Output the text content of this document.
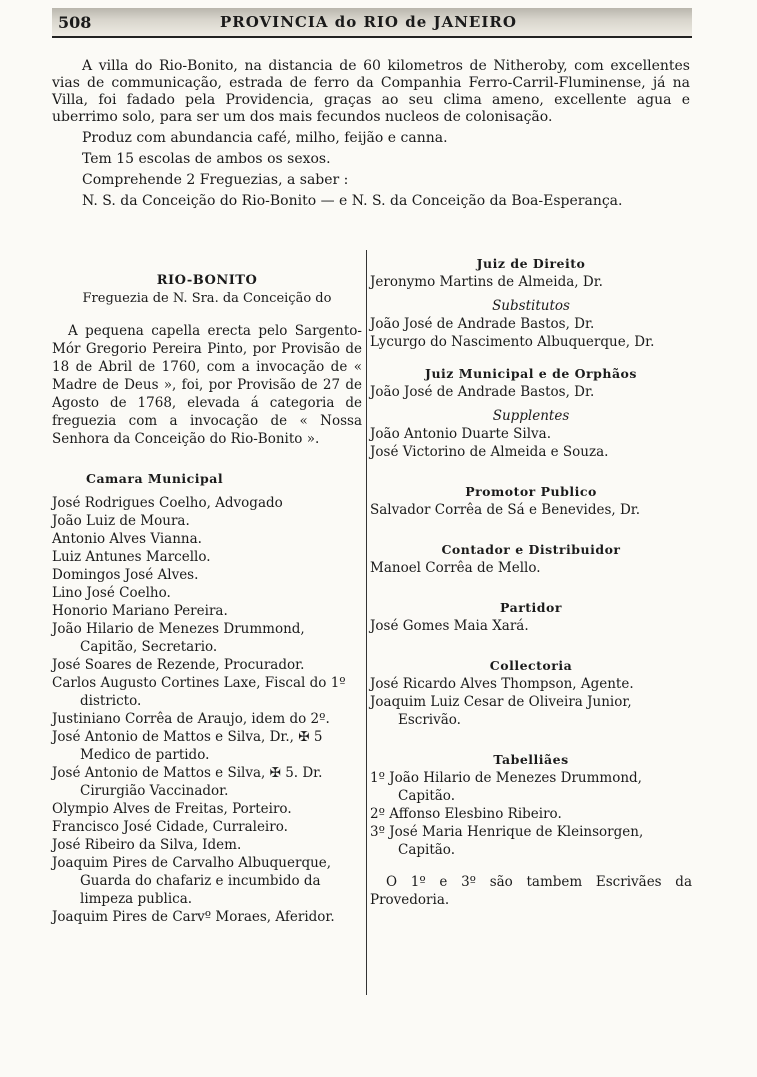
508	PROVINCIA do RIO de JANEIRO

A villa do Rio-Bonito, na distancia de 60 kilometros de Nitheroby, com excellentes vias de communicação, estrada de ferro da Companhia Ferro-Carril-Fluminense, já na Villa, foi fadado pela Providencia, graças ao seu clima ameno, excellente agua e uberrimo solo, para ser um dos mais fecundos nucleos de colonisação.

Produz com abundancia café, milho, feijão e canna.

Tem 15 escolas de ambos os sexos.

Comprehende 2 Freguezias, a saber :

N. S. da Conceição do Rio-Bonito — e N. S. da Conceição da Boa-Esperança.

RIO-BONITO
Freguezia de N. Sra. da Conceição do

A pequena capella erecta pelo Sargento-Mór Gregorio Pereira Pinto, por Provisão de 18 de Abril de 1760, com a invocação de « Madre de Deus », foi, por Provisão de 27 de Agosto de 1768, elevada á categoria de freguezia com a invocação de « Nossa Senhora da Conceição do Rio-Bonito ».

Camara Municipal
José Rodrigues Coelho, Advogado
João Luiz de Moura.
Antonio Alves Vianna.
Luiz Antunes Marcello.
Domingos José Alves.
Lino José Coelho.
Honorio Mariano Pereira.
João Hilario de Menezes Drummond, Capitão, Secretario.
José Soares de Rezende, Procurador.
Carlos Augusto Cortines Laxe, Fiscal do 1º districto.
Justiniano Corrêa de Araujo, idem do 2º.
José Antonio de Mattos e Silva, Dr., ✠ 5 Medico de partido.
José Antonio de Mattos e Silva, ✠ 5. Dr. Cirurgião Vaccinador.
Olympio Alves de Freitas, Porteiro.
Francisco José Cidade, Curraleiro.
José Ribeiro da Silva, Idem.
Joaquim Pires de Carvalho Albuquerque, Guarda do chafariz e incumbido da limpeza publica.
Joaquim Pires de Carvº Moraes, Aferidor.
Juiz de Direito
Jeronymo Martins de Almeida, Dr.
Substitutos
João José de Andrade Bastos, Dr.
Lycurgo do Nascimento Albuquerque, Dr.
Juiz Municipal e de Orphãos
João José de Andrade Bastos, Dr.
Supplentes
João Antonio Duarte Silva.
José Victorino de Almeida e Souza.
Promotor Publico
Salvador Corrêa de Sá e Benevides, Dr.
Contador e Distribuidor
Manoel Corrêa de Mello.
Partidor
José Gomes Maia Xará.
Collectoria
José Ricardo Alves Thompson, Agente.
Joaquim Luiz Cesar de Oliveira Junior, Escrivão.
Tabelliães
1º João Hilario de Menezes Drummond, Capitão.
2º Affonso Elesbino Ribeiro.
3º José Maria Henrique de Kleinsorgen, Capitão.

O 1º e 3º são tambem Escrivães da Provedoria.
